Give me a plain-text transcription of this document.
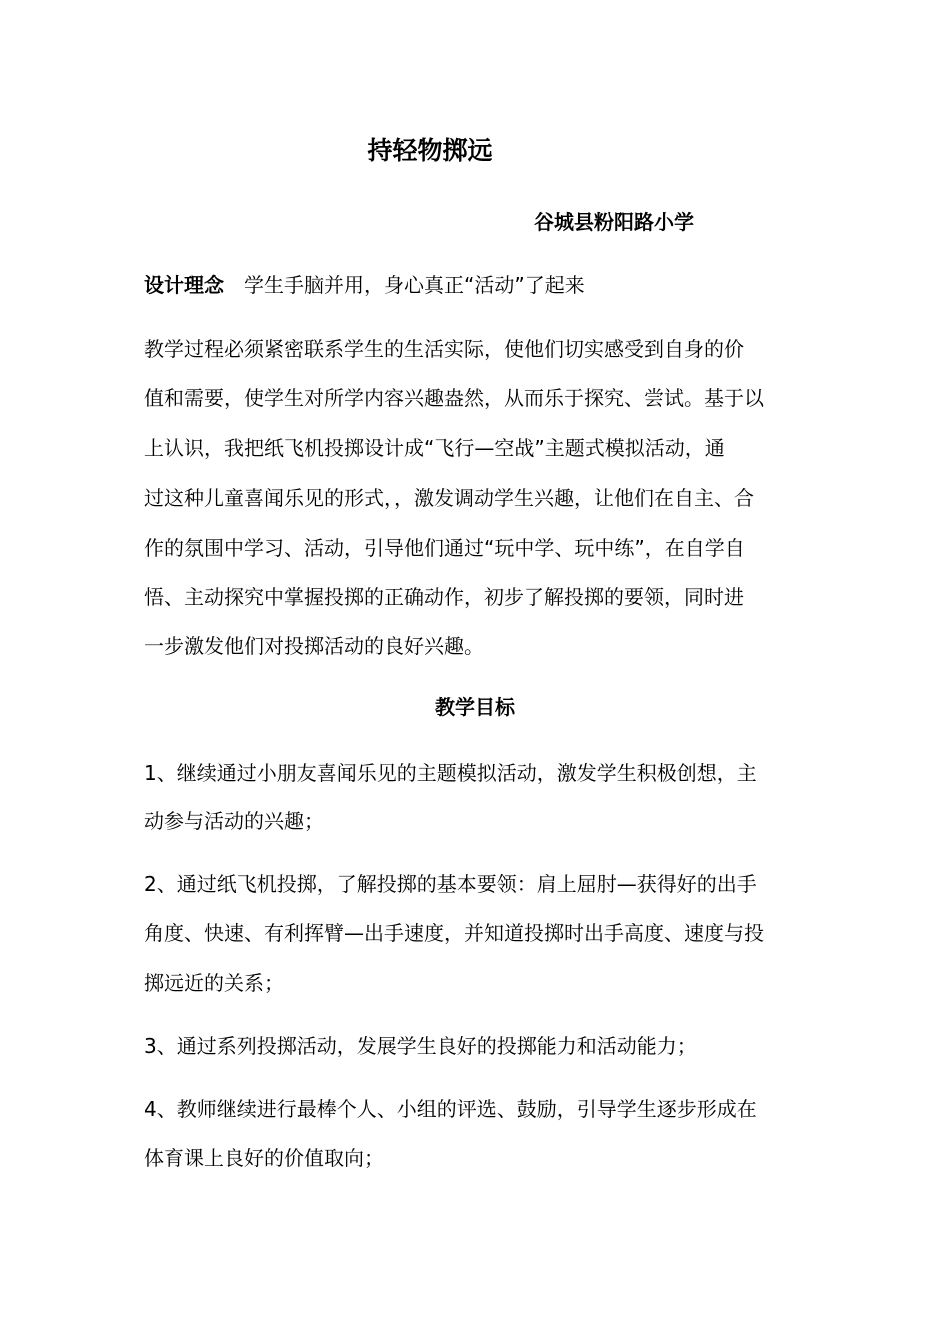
持轻物掷远
谷城县粉阳路小学
设计理念 学生手脑并用，身心真正“活动”了起来
教学过程必须紧密联系学生的生活实际，使他们切实感受到自身的价
值和需要，使学生对所学内容兴趣盎然，从而乐于探究、尝试。基于以
上认识，我把纸飞机投掷设计成“飞行—空战”主题式模拟活动，通
过这种儿童喜闻乐见的形式，，激发调动学生兴趣，让他们在自主、合
作的氛围中学习、活动，引导他们通过“玩中学、玩中练”，在自学自
悟、主动探究中掌握投掷的正确动作，初步了解投掷的要领，同时进
一步激发他们对投掷活动的良好兴趣。
教学目标
1、继续通过小朋友喜闻乐见的主题模拟活动，激发学生积极创想，主
动参与活动的兴趣；
2、通过纸飞机投掷，了解投掷的基本要领：肩上屈肘—获得好的出手
角度、快速、有利挥臂—出手速度，并知道投掷时出手高度、速度与投
掷远近的关系；
3、通过系列投掷活动，发展学生良好的投掷能力和活动能力；
4、教师继续进行最棒个人、小组的评选、鼓励，引导学生逐步形成在
体育课上良好的价值取向；
